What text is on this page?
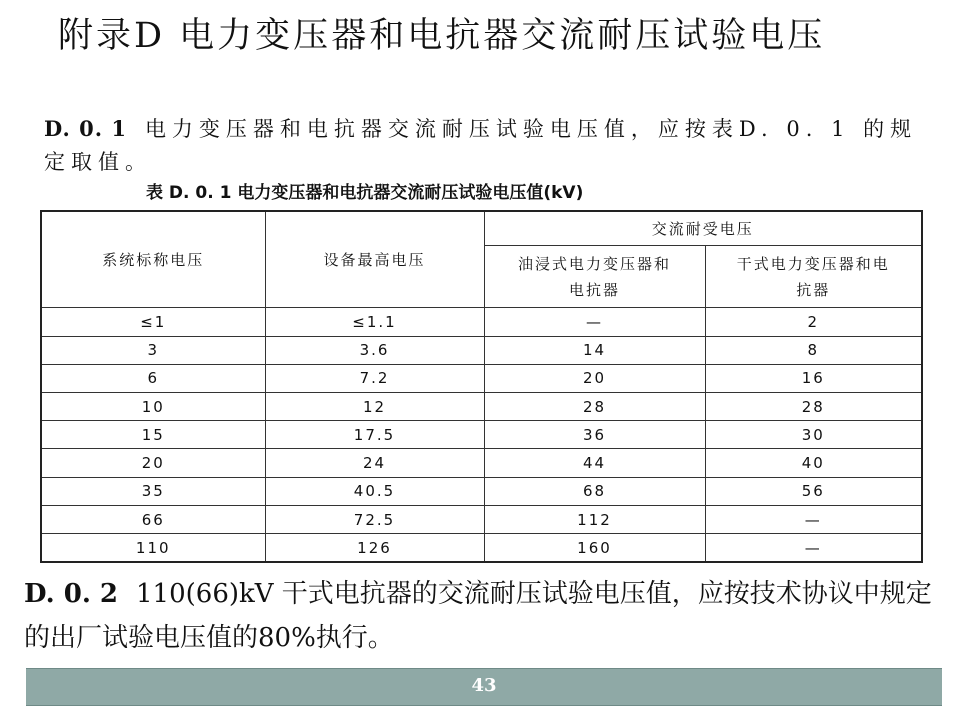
附录D 电力变压器和电抗器交流耐压试验电压
D. 0. 1 电力变压器和电抗器交流耐压试验电压值，应按表D. 0. 1 的规定取值。
表 D. 0. 1 电力变压器和电抗器交流耐压试验电压值(kV)
系统标称电压	设备最高电压	交流耐受电压	
		油浸式电力变压器和电抗器	干式电力变压器和电抗器
≤1	≤1.1	—	2
3	3.6	14	8
6	7.2	20	16
10	12	28	28
15	17.5	36	30
20	24	44	40
35	40.5	68	56
66	72.5	112	—
110	126	160	—
D. 0. 2 110(66)kV 干式电抗器的交流耐压试验电压值，应按技术协议中规定的出厂试验电压值的80%执行。
43
